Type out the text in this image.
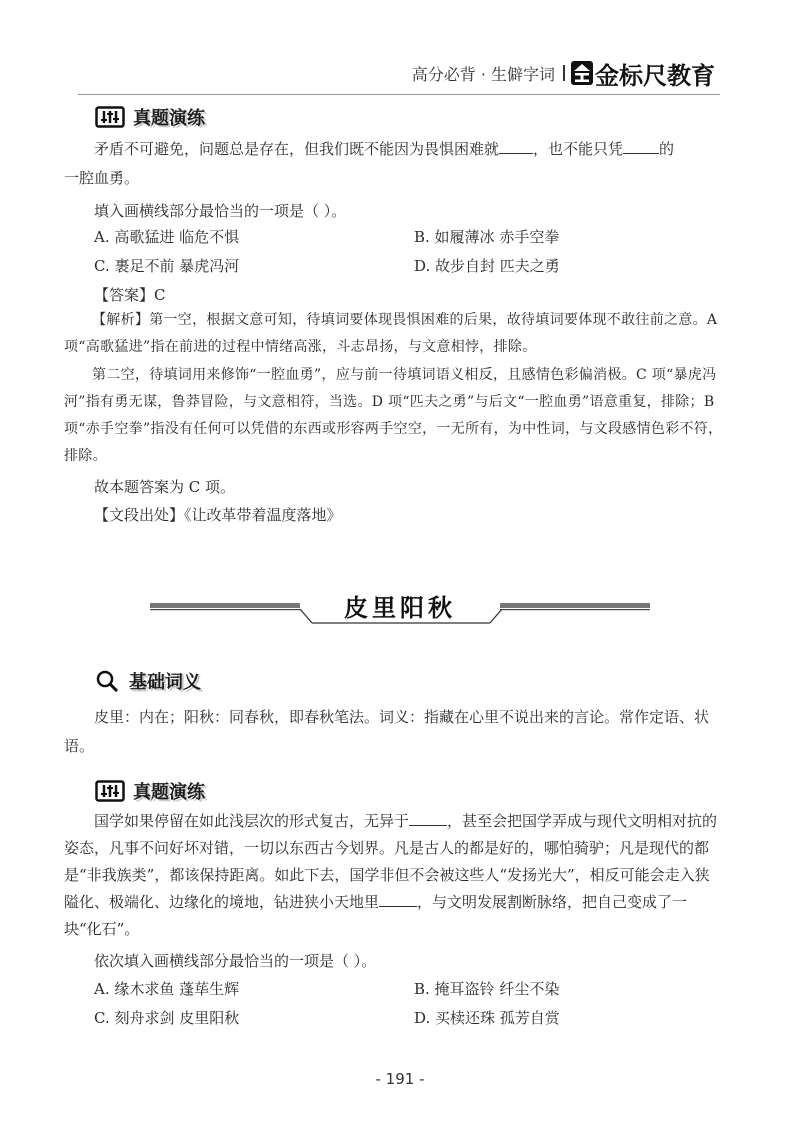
高分必背 · 生僻字词 金标尺教育
真题演练

矛盾不可避免，问题总是存在，但我们既不能因为畏惧困难就 ，也不能只凭 的
一腔血勇。

填入画横线部分最恰当的一项是（ ）。

A. 高歌猛进 临危不惧	B. 如履薄冰 赤手空拳
C. 裹足不前 暴虎冯河	D. 故步自封 匹夫之勇

【答案】C

【解析】第一空，根据文意可知，待填词要体现畏惧困难的后果，故待填词要体现不敢往前之意。A 项“高歌猛进”指在前进的过程中情绪高涨，斗志昂扬，与文意相悖，排除。

第二空，待填词用来修饰“一腔血勇”，应与前一待填词语义相反，且感情色彩偏消极。C 项“暴虎冯河”指有勇无谋，鲁莽冒险，与文意相符，当选。D 项“匹夫之勇”与后文“一腔血勇”语意重复，排除；B 项“赤手空拳”指没有任何可以凭借的东西或形容两手空空，一无所有，为中性词，与文段感情色彩不符，排除。

故本题答案为 C 项。

【文段出处】《让改革带着温度落地》

皮里阳秋
基础词义

皮里：内在；阳秋：同春秋，即春秋笔法。词义：指藏在心里不说出来的言论。常作定语、状语。

真题演练

国学如果停留在如此浅层次的形式复古，无异于	，甚至会把国学弄成与现代文明相对抗的姿态，凡事不问好坏对错，一切以东西古今划界。凡是古人的都是好的，哪怕骑驴；凡是现代的都是“非我族类”，都该保持距离。如此下去，国学非但不会被这些人“发扬光大”，相反可能会走入狭隘化、极端化、边缘化的境地，钻进狭小天地里	，与文明发展割断脉络，把自己变成了一块“化石”。

依次填入画横线部分最恰当的一项是（ ）。

A. 缘木求鱼 蓬荜生辉	B. 掩耳盗铃 纤尘不染
C. 刻舟求剑 皮里阳秋	D. 买椟还珠 孤芳自赏
- 191 -
